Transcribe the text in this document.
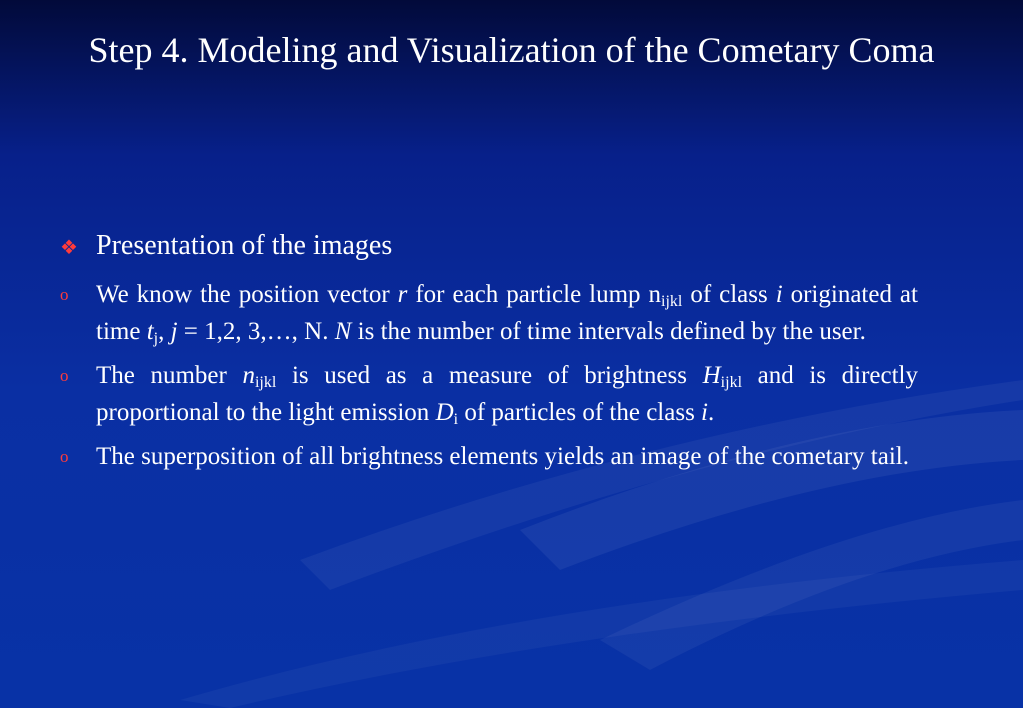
Step 4. Modeling and Visualization of the Cometary Coma
❖ Presentation of the images
o We know the position vector r for each particle lump $n_{ijkl}$ of class i originated at time $t_j$, j = 1,2, 3,…, N. N is the number of time intervals defined by the user.
o The number $n_{ijkl}$ is used as a measure of brightness $H_{ijkl}$ and is directly proportional to the light emission $D_i$ of particles of the class i.
o The superposition of all brightness elements yields an image of the cometary tail.
